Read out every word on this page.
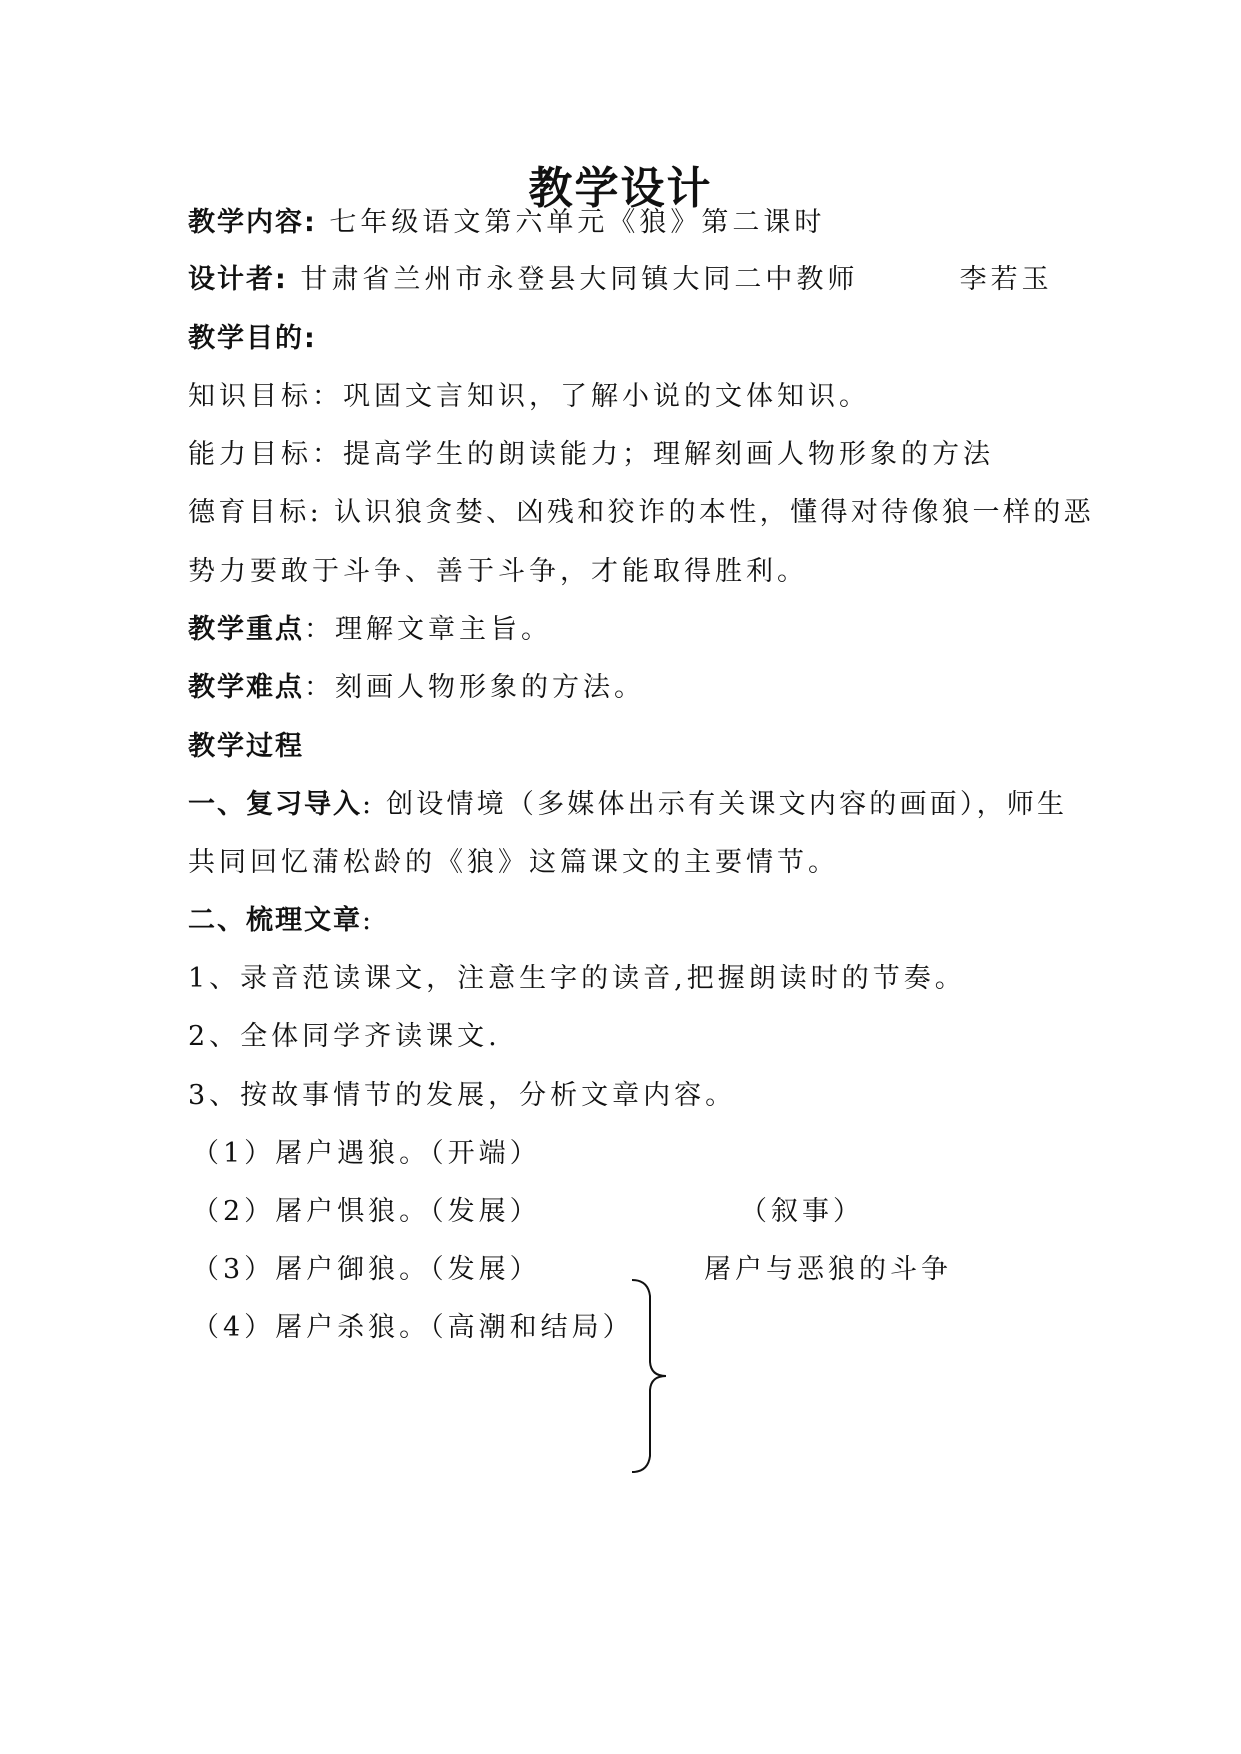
教学设计
教学内容: 七年级语文第六单元《狼》第二课时
设计者: 甘肃省兰州市永登县大同镇大同二中教师	李若玉
教学目的:
知识目标：巩固文言知识，了解小说的文体知识。
能力目标：提高学生的朗读能力；理解刻画人物形象的方法
德育目标: 认识狼贪婪、凶残和狡诈的本性，懂得对待像狼一样的恶
势力要敢于斗争、善于斗争，才能取得胜利。
教学重点：理解文章主旨。
教学难点：刻画人物形象的方法。
教学过程
一、复习导入: 创设情境（多媒体出示有关课文内容的画面），师生
共同回忆蒲松龄的《狼》这篇课文的主要情节。
二、梳理文章:
1、录音范读课文，注意生字的读音,把握朗读时的节奏。
2、全体同学齐读课文.
3、按故事情节的发展，分析文章内容。
（1）屠户遇狼。（开端）
（2）屠户惧狼。（发展）
（3）屠户御狼。（发展）
（4）屠户杀狼。（高潮和结局）
（叙事）
屠户与恶狼的斗争
